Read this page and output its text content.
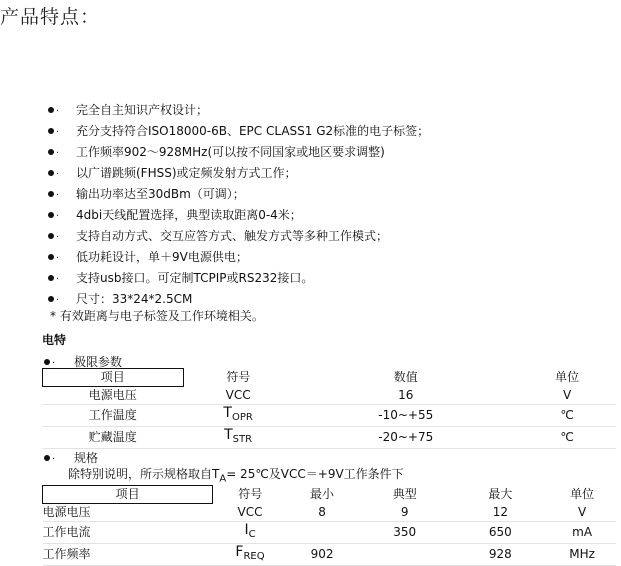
产品特点：
· 完全自主知识产权设计；
· 充分支持符合ISO18000-6B、EPC CLASS1 G2标准的电子标签；
· 工作频率902～928MHz(可以按不同国家或地区要求调整)
· 以广谱跳频(FHSS)或定频发射方式工作；
· 输出功率达至30dBm（可调）；
· 4dbi天线配置选择，典型读取距离0-4米；
· 支持自动方式、交互应答方式、触发方式等多种工作模式；
· 低功耗设计，单＋9V电源供电；
· 支持usb接口。可定制TCPIP或RS232接口。
· 尺寸：33*24*2.5CM
* 有效距离与电子标签及工作环境相关。
电特
· 极限参数
项目	符号	数值	单位
电源电压	VCC	16	V
工作温度	$T_{OPR}$	-10~+55	℃
贮藏温度	$T_{STR}$	-20~+75	℃
· 规格
除特别说明，所示规格取自$T_A=$ 25℃及VCC＝+9V工作条件下
项目	符号	最小	典型	最大	单位
电源电压	VCC	8	9	12	V
工作电流	$I_C$		350	650	mA
工作频率	$F_{REQ}$	902		928	MHz
